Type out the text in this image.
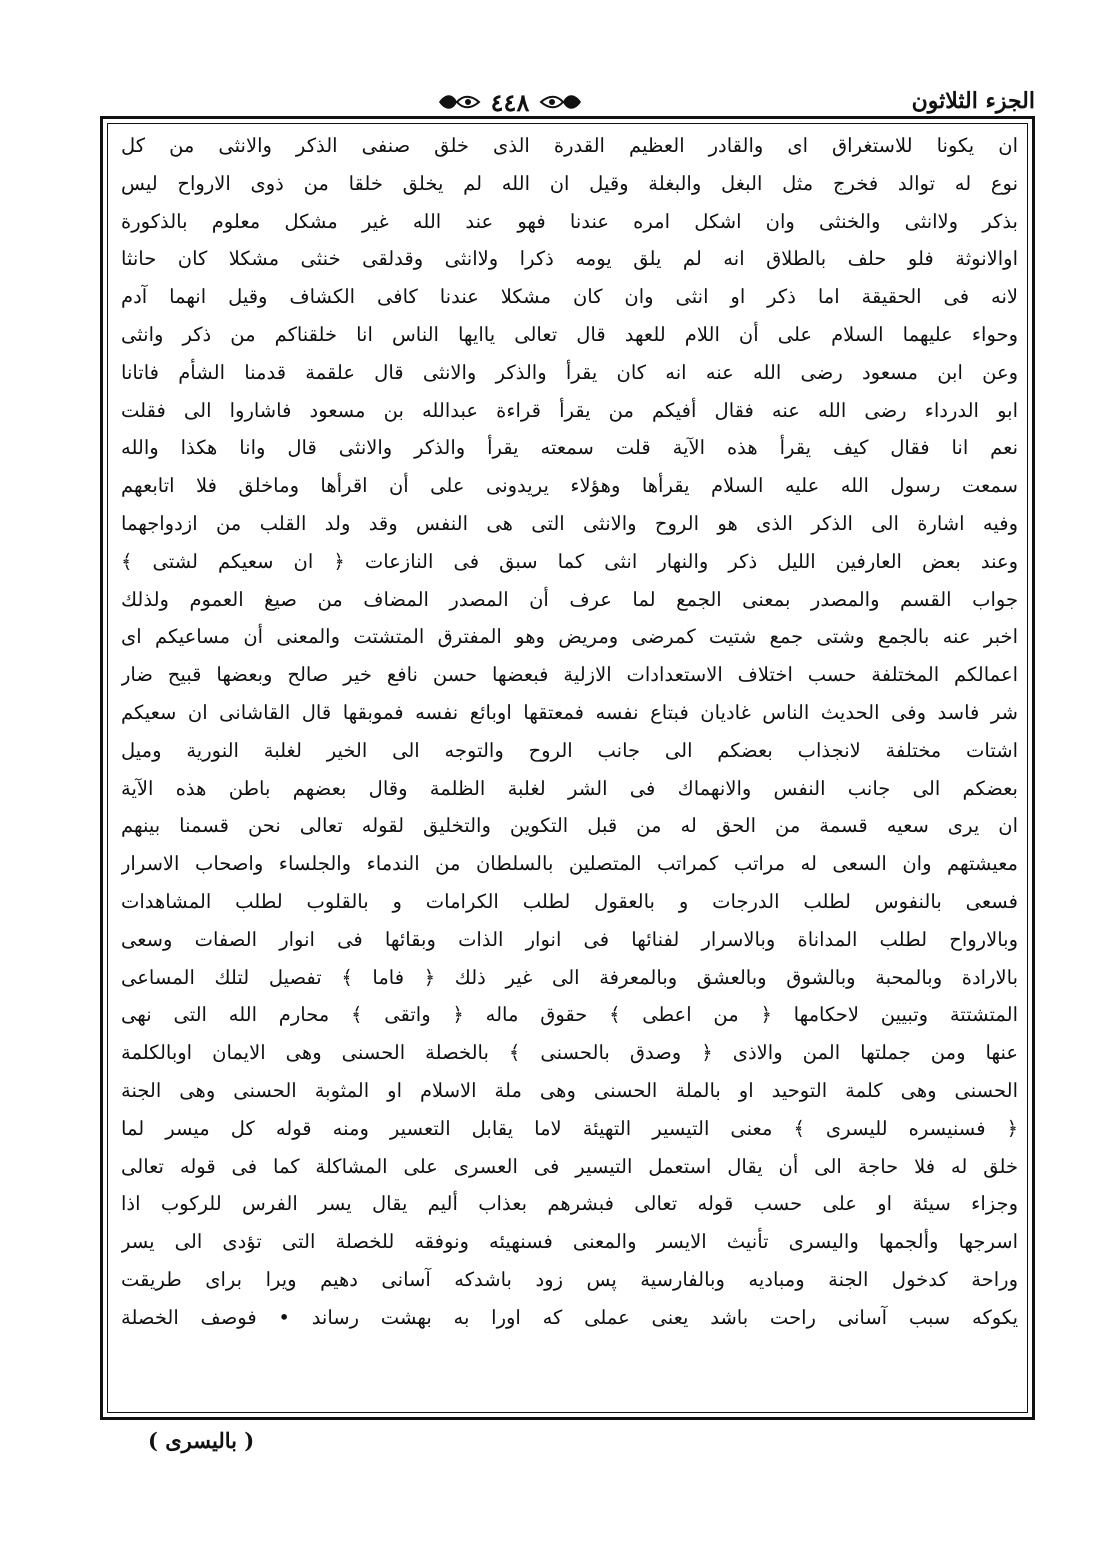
الجزء الثلاثون
٤٤٨
ان يكونا للاستغراق اى والقادر العظيم القدرة الذى خلق صنفى الذكر والانثى من كل
نوع له توالد فخرج مثل البغل والبغلة وقيل ان الله لم يخلق خلقا من ذوى الارواح ليس
بذكر ولاانثى والخنثى وان اشكل امره عندنا فهو عند الله غير مشكل معلوم بالذكورة
اوالانوثة فلو حلف بالطلاق انه لم يلق يومه ذكرا ولاانثى وقدلقى خنثى مشكلا كان حانثا
لانه فى الحقيقة اما ذكر او انثى وان كان مشكلا عندنا كافى الكشاف وقيل انهما آدم
وحواء عليهما السلام على أن اللام للعهد قال تعالى ياايها الناس انا خلقناكم من ذكر وانثى
وعن ابن مسعود رضى الله عنه انه كان يقرأ والذكر والانثى قال علقمة قدمنا الشأم فاتانا
ابو الدرداء رضى الله عنه فقال أفيكم من يقرأ قراءة عبدالله بن مسعود فاشاروا الى فقلت
نعم انا فقال كيف يقرأ هذه الآية قلت سمعته يقرأ والذكر والانثى قال وانا هكذا والله
سمعت رسول الله عليه السلام يقرأها وهؤلاء يريدونى على أن اقرأها وماخلق فلا اتابعهم
وفيه اشارة الى الذكر الذى هو الروح والانثى التى هى النفس وقد ولد القلب من ازدواجهما
وعند بعض العارفين الليل ذكر والنهار انثى كما سبق فى النازعات ﴿ ان سعيكم لشتى ﴾
جواب القسم والمصدر بمعنى الجمع لما عرف أن المصدر المضاف من صيغ العموم ولذلك
اخبر عنه بالجمع وشتى جمع شتيت كمرضى ومريض وهو المفترق المتشتت والمعنى أن مساعيكم اى
اعمالكم المختلفة حسب اختلاف الاستعدادات الازلية فبعضها حسن نافع خير صالح وبعضها قبيح ضار
شر فاسد وفى الحديث الناس غاديان فبتاع نفسه فمعتقها اوبائع نفسه فموبقها قال القاشانى ان سعيكم
اشتات مختلفة لانجذاب بعضكم الى جانب الروح والتوجه الى الخير لغلبة النورية وميل
بعضكم الى جانب النفس والانهماك فى الشر لغلبة الظلمة وقال بعضهم باطن هذه الآية
ان يرى سعيه قسمة من الحق له من قبل التكوين والتخليق لقوله تعالى نحن قسمنا بينهم
معيشتهم وان السعى له مراتب كمراتب المتصلين بالسلطان من الندماء والجلساء واصحاب الاسرار
فسعى بالنفوس لطلب الدرجات و بالعقول لطلب الكرامات و بالقلوب لطلب المشاهدات
وبالارواح لطلب المداناة وبالاسرار لفنائها فى انوار الذات وبقائها فى انوار الصفات وسعى
بالارادة وبالمحبة وبالشوق وبالعشق وبالمعرفة الى غير ذلك ﴿ فاما ﴾ تفصيل لتلك المساعى
المتشتتة وتبيين لاحكامها ﴿ من اعطى ﴾ حقوق ماله ﴿ واتقى ﴾ محارم الله التى نهى
عنها ومن جملتها المن والاذى ﴿ وصدق بالحسنى ﴾ بالخصلة الحسنى وهى الايمان اوبالكلمة
الحسنى وهى كلمة التوحيد او بالملة الحسنى وهى ملة الاسلام او المثوبة الحسنى وهى الجنة
﴿ فسنيسره لليسرى ﴾ معنى التيسير التهيئة لاما يقابل التعسير ومنه قوله كل ميسر لما
خلق له فلا حاجة الى أن يقال استعمل التيسير فى العسرى على المشاكلة كما فى قوله تعالى
وجزاء سيئة او على حسب قوله تعالى فبشرهم بعذاب أليم يقال يسر الفرس للركوب اذا
اسرجها وألجمها واليسرى تأنيث الايسر والمعنى فسنهيئه ونوفقه للخصلة التى تؤدى الى يسر
وراحة كدخول الجنة ومباديه وبالفارسية پس زود باشدكه آسانى دهيم ويرا براى طريقت
يكوكه سبب آسانى راحت باشد يعنى عملى كه اورا به بهشت رساند • فوصف الخصلة
( باليسرى )
